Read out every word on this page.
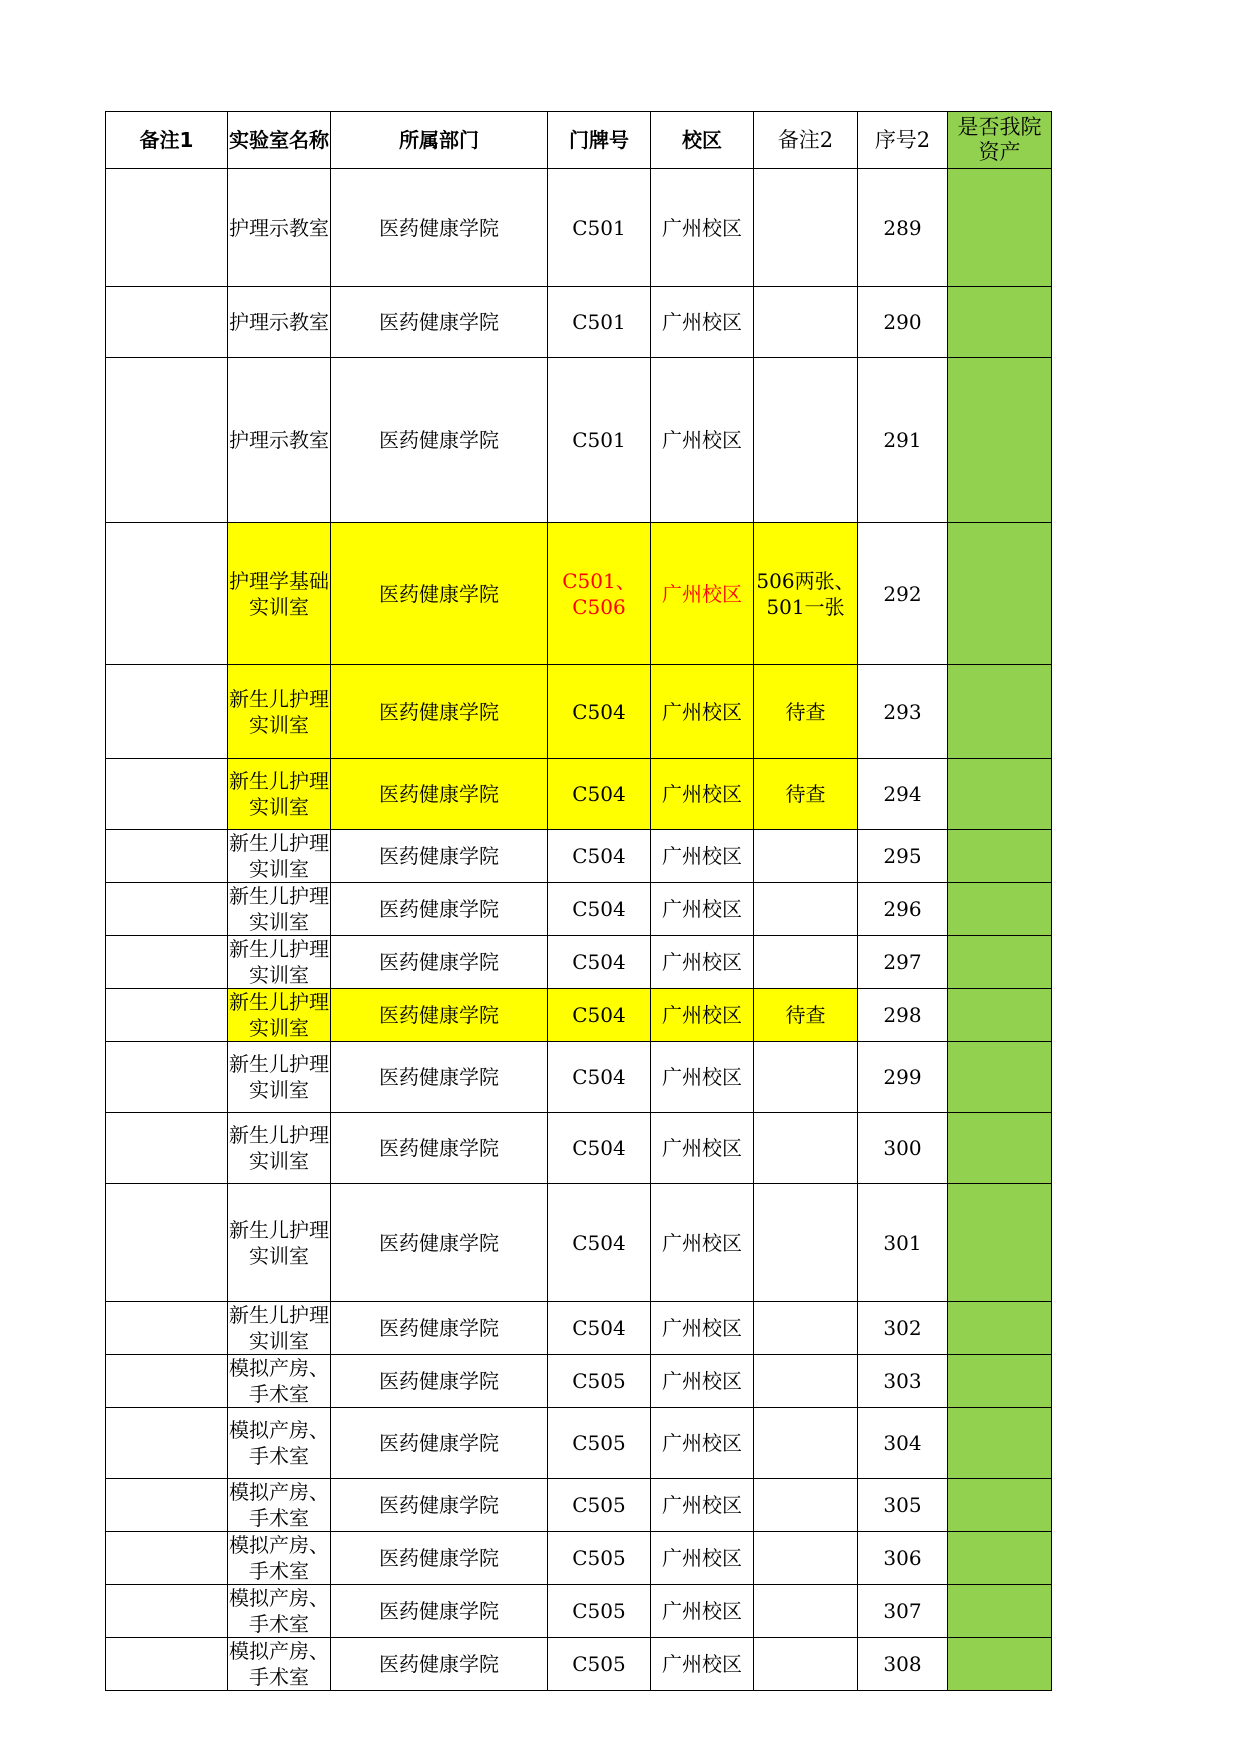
备注1	实验室名称	所属部门	门牌号	校区	备注2	序号2	是否我院资产
	护理示教室	医药健康学院	C501	广州校区		289	
	护理示教室	医药健康学院	C501	广州校区		290	
	护理示教室	医药健康学院	C501	广州校区		291	
	护理学基础实训室	医药健康学院	C501、C506	广州校区	506两张、501一张	292	
	新生儿护理实训室	医药健康学院	C504	广州校区	待查	293	
	新生儿护理实训室	医药健康学院	C504	广州校区	待查	294	
	新生儿护理实训室	医药健康学院	C504	广州校区		295	
	新生儿护理实训室	医药健康学院	C504	广州校区		296	
	新生儿护理实训室	医药健康学院	C504	广州校区		297	
	新生儿护理实训室	医药健康学院	C504	广州校区	待查	298	
	新生儿护理实训室	医药健康学院	C504	广州校区		299	
	新生儿护理实训室	医药健康学院	C504	广州校区		300	
	新生儿护理实训室	医药健康学院	C504	广州校区		301	
	新生儿护理实训室	医药健康学院	C504	广州校区		302	
	模拟产房、手术室	医药健康学院	C505	广州校区		303	
	模拟产房、手术室	医药健康学院	C505	广州校区		304	
	模拟产房、手术室	医药健康学院	C505	广州校区		305	
	模拟产房、手术室	医药健康学院	C505	广州校区		306	
	模拟产房、手术室	医药健康学院	C505	广州校区		307	
	模拟产房、手术室	医药健康学院	C505	广州校区		308	
